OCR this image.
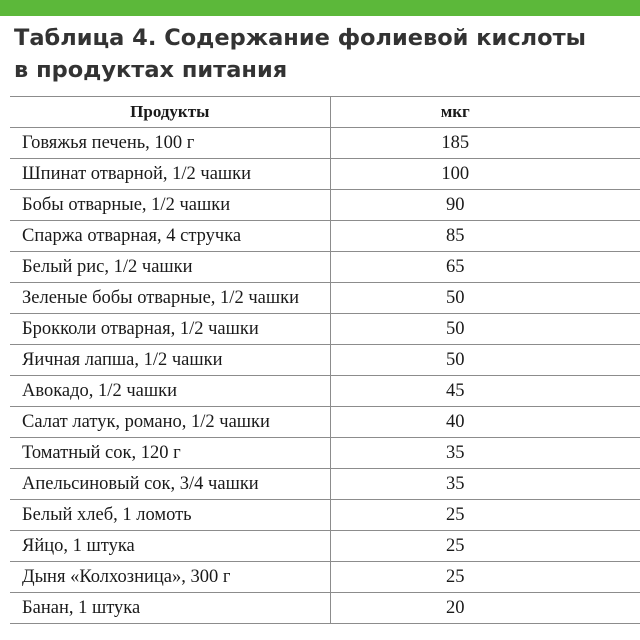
Таблица 4. Содержание фолиевой кислоты
в продуктах питания
Продукты	мкг
Говяжья печень, 100 г	185
Шпинат отварной, 1/2 чашки	100
Бобы отварные, 1/2 чашки	90
Спаржа отварная, 4 стручка	85
Белый рис, 1/2 чашки	65
Зеленые бобы отварные, 1/2 чашки	50
Брокколи отварная, 1/2 чашки	50
Яичная лапша, 1/2 чашки	50
Авокадо, 1/2 чашки	45
Салат латук, романо, 1/2 чашки	40
Томатный сок, 120 г	35
Апельсиновый сок, 3/4 чашки	35
Белый хлеб, 1 ломоть	25
Яйцо, 1 штука	25
Дыня «Колхозница», 300 г	25
Банан, 1 штука	20
